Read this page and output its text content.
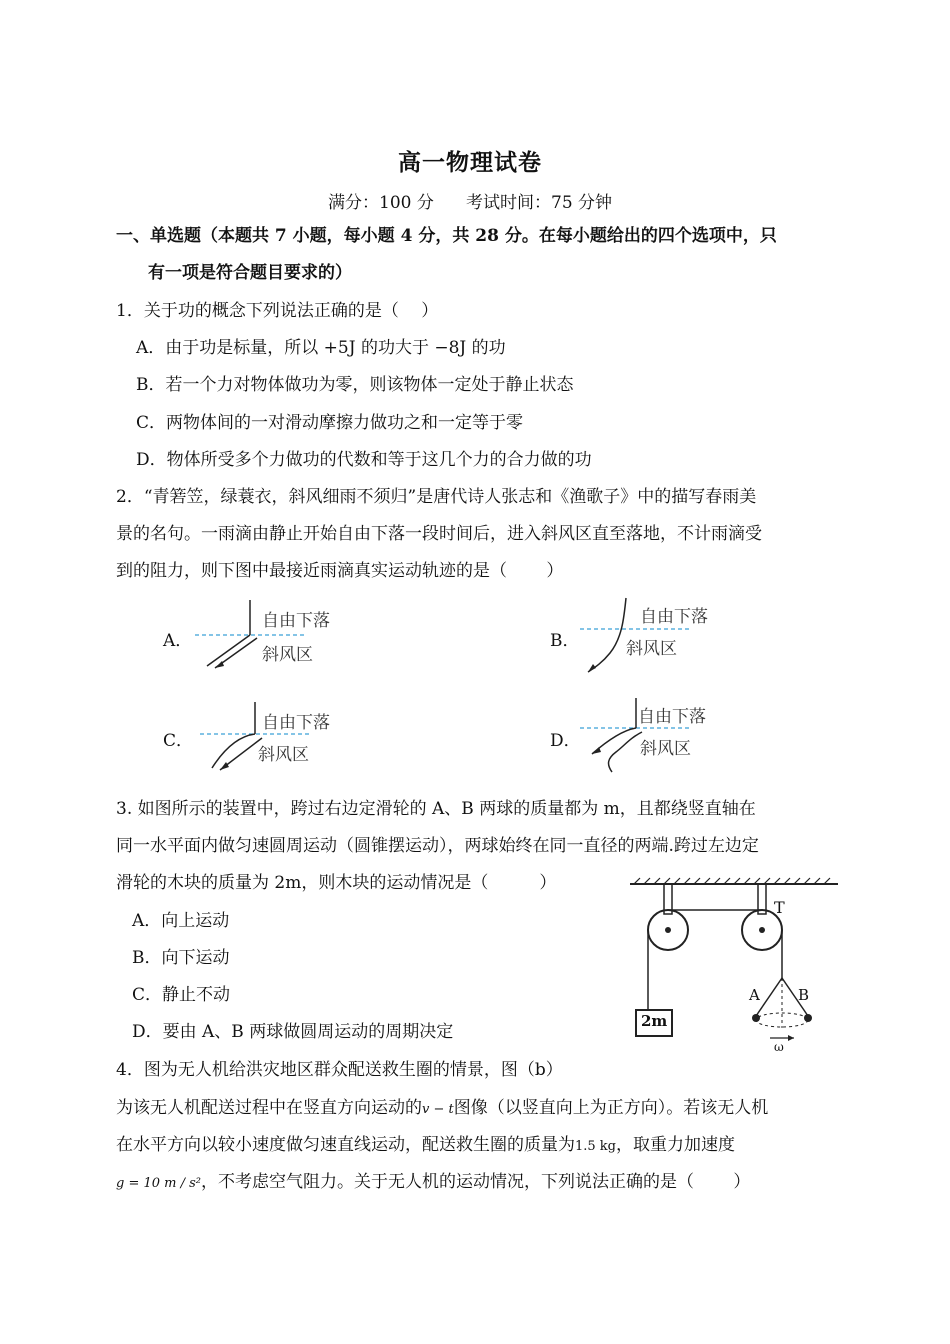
高一物理试卷
满分：100 分 考试时间：75 分钟
一、单选题（本题共 7 小题，每小题 4 分，共 28 分。在每小题给出的四个选项中，只
有一项是符合题目要求的）
1．关于功的概念下列说法正确的是（　 ）
A．由于功是标量，所以 +5J 的功大于 −8J 的功
B．若一个力对物体做功为零，则该物体一定处于静止状态
C．两物体间的一对滑动摩擦力做功之和一定等于零
D．物体所受多个力做功的代数和等于这几个力的合力做的功
2．“青箬笠，绿蓑衣，斜风细雨不须归”是唐代诗人张志和《渔歌子》中的描写春雨美
景的名句。一雨滴由静止开始自由下落一段时间后，进入斜风区直至落地，不计雨滴受
到的阻力，则下图中最接近雨滴真实运动轨迹的是（　　 ）
A．
自由下落
斜风区
B．
自由下落
斜风区
C．
自由下落
斜风区
D．
自由下落
斜风区
3. 如图所示的装置中，跨过右边定滑轮的 A、B 两球的质量都为 m，且都绕竖直轴在
同一水平面内做匀速圆周运动（圆锥摆运动），两球始终在同一直径的两端.跨过左边定
滑轮的木块的质量为 2m，则木块的运动情况是（　　　）
A．向上运动
B．向下运动
C．静止不动
D．要由 A、B 两球做圆周运动的周期决定
T
A	B
2m
ω
4．图为无人机给洪灾地区群众配送救生圈的情景，图（b）
为该无人机配送过程中在竖直方向运动的v − t图像（以竖直向上为正方向）。若该无人机
在水平方向以较小速度做匀速直线运动，配送救生圈的质量为1.5 kg，取重力加速度
g = 10 m / s²，不考虑空气阻力。关于无人机的运动情况，下列说法正确的是（　　 ）
